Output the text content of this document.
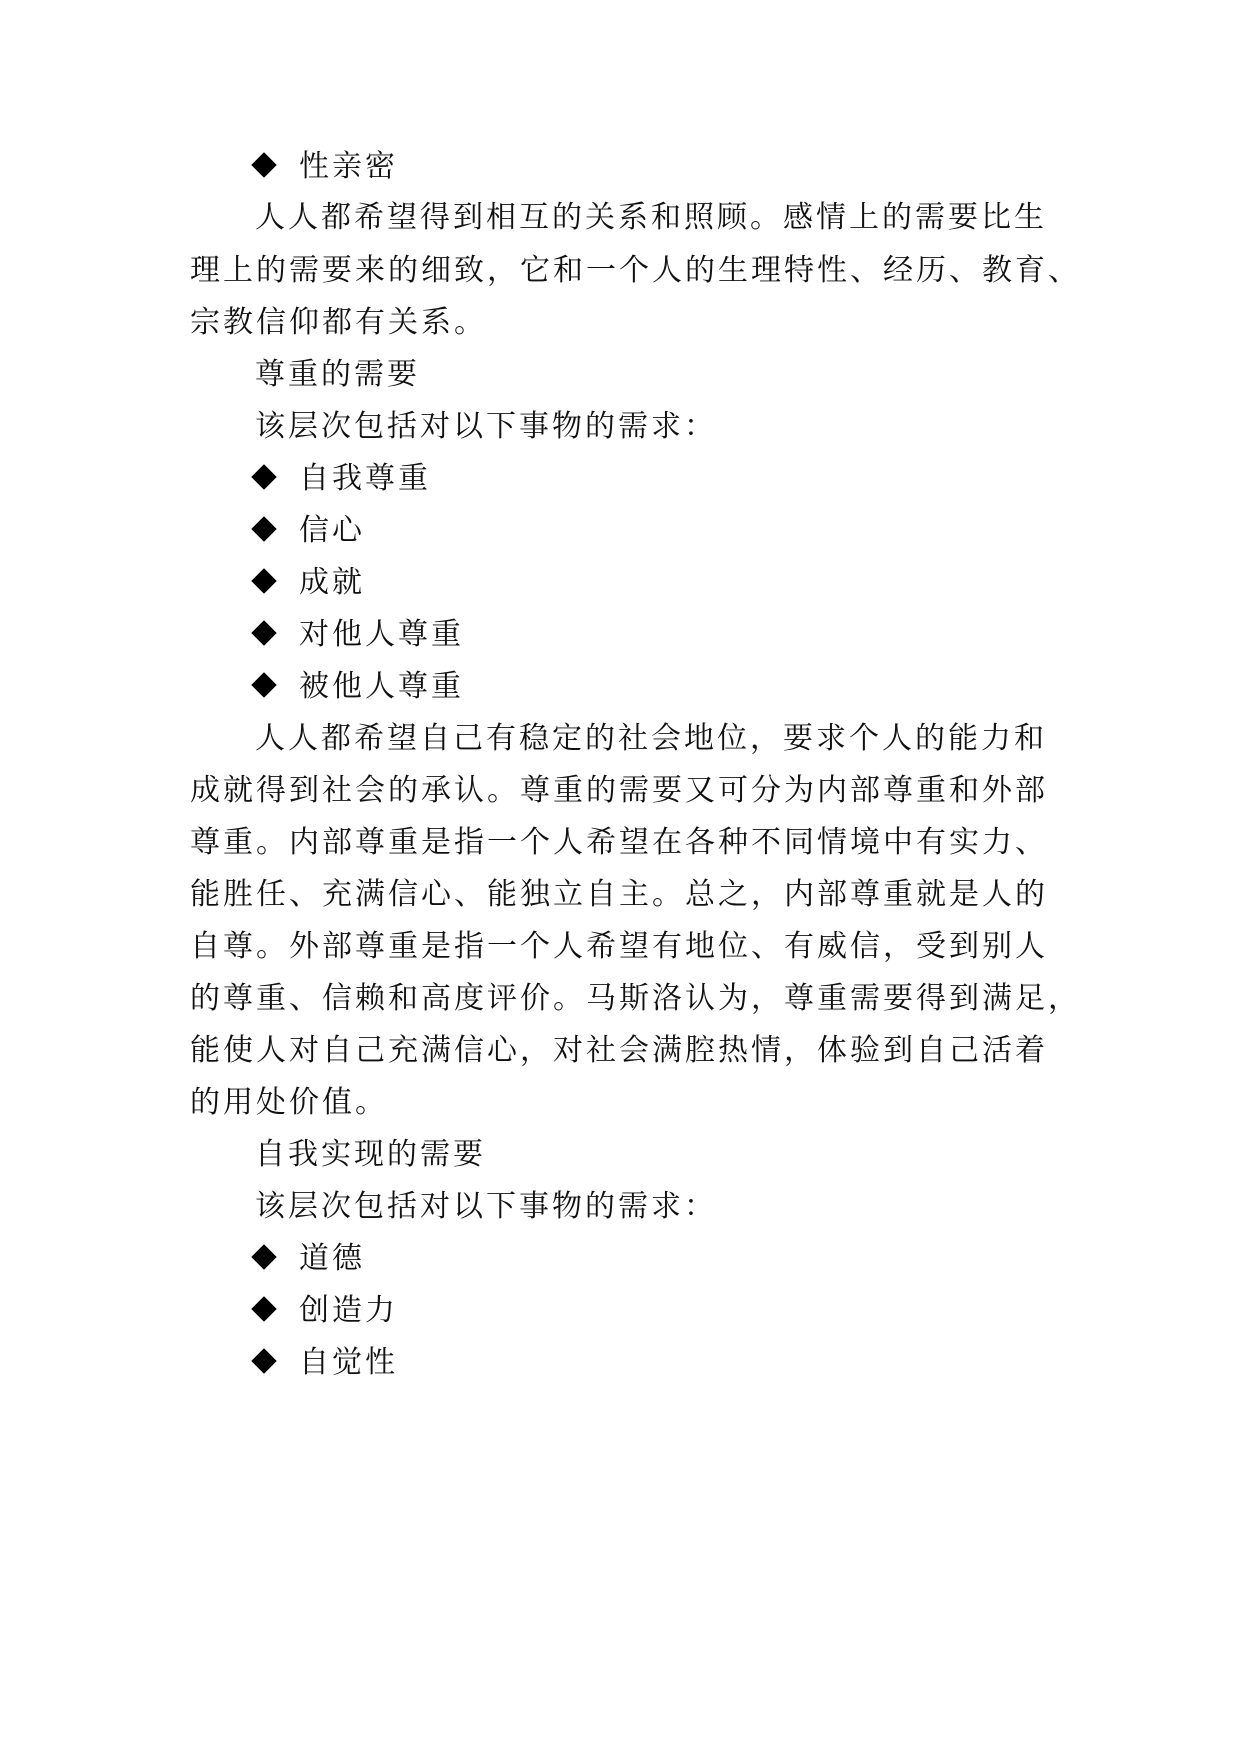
性亲密
人人都希望得到相互的关系和照顾。感情上的需要比生
理上的需要来的细致，它和一个人的生理特性、经历、教育、
宗教信仰都有关系。
尊重的需要
该层次包括对以下事物的需求：
自我尊重
信心
成就
对他人尊重
被他人尊重
人人都希望自己有稳定的社会地位，要求个人的能力和
成就得到社会的承认。尊重的需要又可分为内部尊重和外部
尊重。内部尊重是指一个人希望在各种不同情境中有实力、
能胜任、充满信心、能独立自主。总之，内部尊重就是人的
自尊。外部尊重是指一个人希望有地位、有威信，受到别人
的尊重、信赖和高度评价。马斯洛认为，尊重需要得到满足，
能使人对自己充满信心，对社会满腔热情，体验到自己活着
的用处价值。
自我实现的需要
该层次包括对以下事物的需求：
道德
创造力
自觉性
